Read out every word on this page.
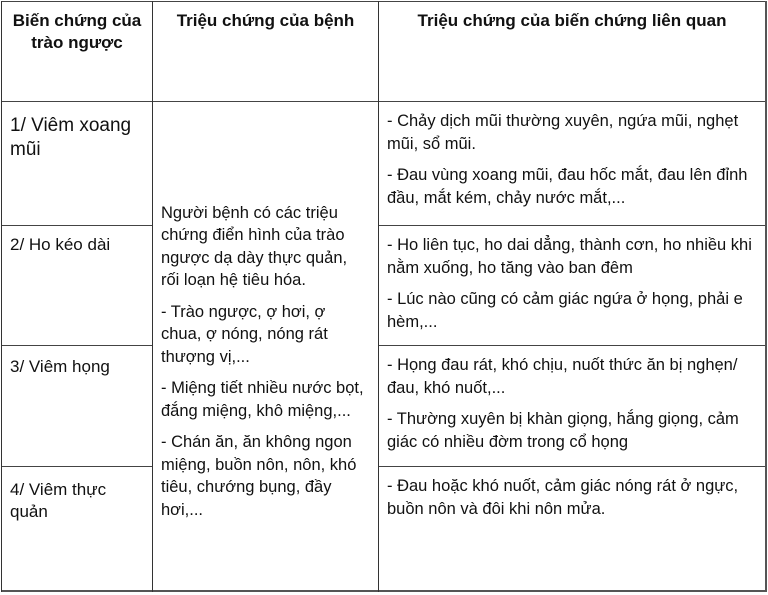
Biến chứng của trào ngược
Triệu chứng của bệnh	Triệu chứng của biến chứng liên quan
1/ Viêm xoang mũi
2/ Ho kéo dài
3/ Viêm họng
4/ Viêm thực quản

Người bệnh có các triệu chứng điển hình của trào ngược dạ dày thực quản, rối loạn hệ tiêu hóa.

- Trào ngược, ợ hơi, ợ chua, ợ nóng, nóng rát thượng vị,...

- Miệng tiết nhiều nước bọt, đắng miệng, khô miệng,...

- Chán ăn, ăn không ngon miệng, buồn nôn, nôn, khó tiêu, chướng bụng, đầy hơi,...

- Chảy dịch mũi thường xuyên, ngứa mũi, nghẹt mũi, sổ mũi.

- Đau vùng xoang mũi, đau hốc mắt, đau lên đỉnh đầu, mắt kém, chảy nước mắt,...

- Ho liên tục, ho dai dẳng, thành cơn, ho nhiều khi nằm xuống, ho tăng vào ban đêm

- Lúc nào cũng có cảm giác ngứa ở họng, phải e hèm,...

- Họng đau rát, khó chịu, nuốt thức ăn bị nghẹn/ đau, khó nuốt,...

- Thường xuyên bị khàn giọng, hắng giọng, cảm giác có nhiều đờm trong cổ họng

- Đau hoặc khó nuốt, cảm giác nóng rát ở ngực, buồn nôn và đôi khi nôn mửa.
